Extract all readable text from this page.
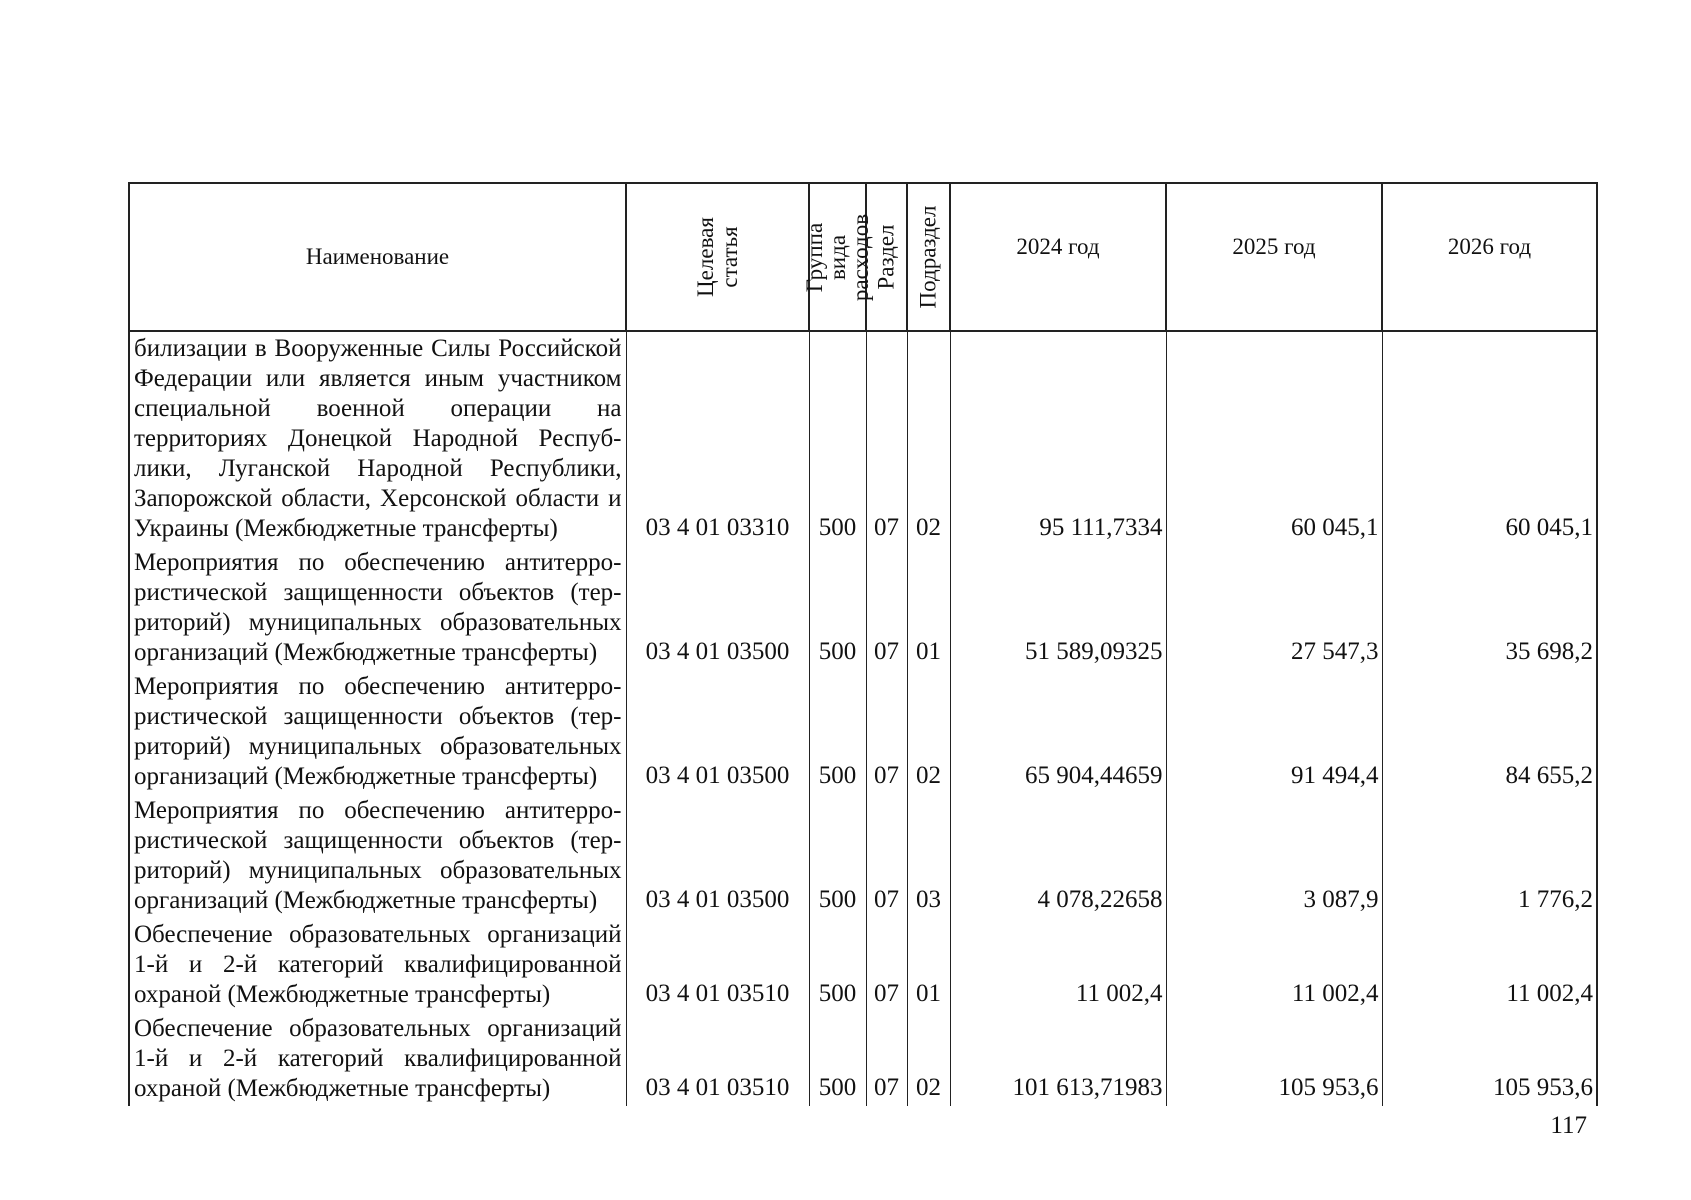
Наименование	Целевая статья	Группа вида расходов	Раздел	Подраздел	2024 год	2025 год	2026 год
билизации в Вооруженные Силы Российской Федерации или является иным участником специальной военной операции на территориях Донецкой Народной Республики, Луганской Народной Республики, Запорожской области, Херсонской области и Украины (Межбюджетные трансферты)	03 4 01 03310	500	07	02	95 111,7334	60 045,1	60 045,1
Мероприятия по обеспечению антитеррористической защищенности объектов (территорий) муниципальных образовательных организаций (Межбюджетные трансферты)	03 4 01 03500	500	07	01	51 589,09325	27 547,3	35 698,2
Мероприятия по обеспечению антитеррористической защищенности объектов (территорий) муниципальных образовательных организаций (Межбюджетные трансферты)	03 4 01 03500	500	07	02	65 904,44659	91 494,4	84 655,2
Мероприятия по обеспечению антитеррористической защищенности объектов (территорий) муниципальных образовательных организаций (Межбюджетные трансферты)	03 4 01 03500	500	07	03	4 078,22658	3 087,9	1 776,2
Обеспечение образовательных организаций 1-й и 2-й категорий квалифицированной охраной (Межбюджетные трансферты)	03 4 01 03510	500	07	01	11 002,4	11 002,4	11 002,4
Обеспечение образовательных организаций 1-й и 2-й категорий квалифицированной охраной (Межбюджетные трансферты)	03 4 01 03510	500	07	02	101 613,71983	105 953,6	105 953,6
117
